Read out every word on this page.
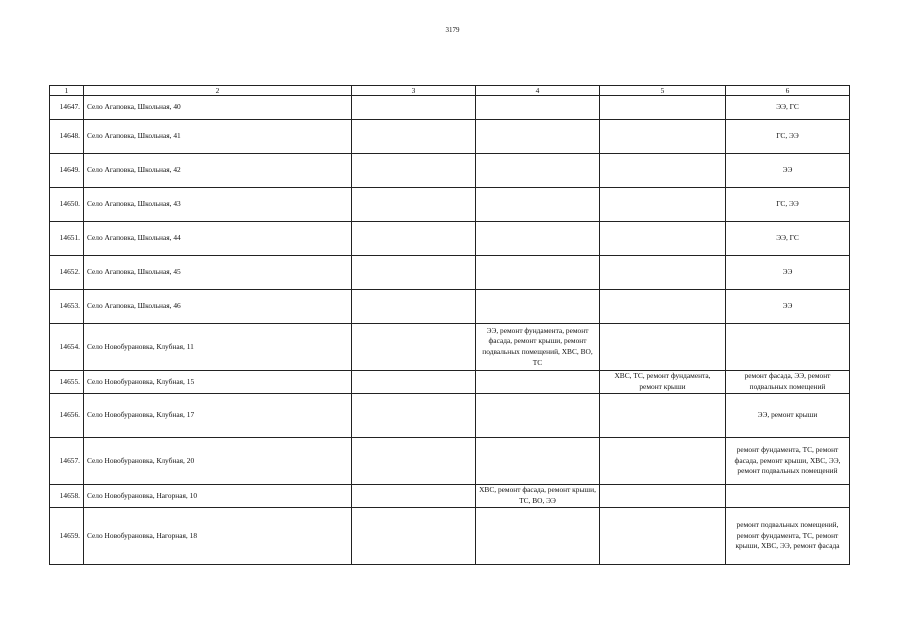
3179
1	2	3	4	5	6
14647.	Село Агаповка, Школьная, 40				ЭЭ, ГС
14648.	Село Агаповка, Школьная, 41				ГС, ЭЭ
14649.	Село Агаповка, Школьная, 42				ЭЭ
14650.	Село Агаповка, Школьная, 43				ГС, ЭЭ
14651.	Село Агаповка, Школьная, 44				ЭЭ, ГС
14652.	Село Агаповка, Школьная, 45				ЭЭ
14653.	Село Агаповка, Школьная, 46				ЭЭ
14654.	Село Новобурановка, Клубная, 11		ЭЭ, ремонт фундамента, ремонт фасада, ремонт крыши, ремонт подвальных помещений, ХВС, ВО, ТС		
14655.	Село Новобурановка, Клубная, 15			ХВС, ТС, ремонт фундамента, ремонт крыши	ремонт фасада, ЭЭ, ремонт подвальных помещений
14656.	Село Новобурановка, Клубная, 17				ЭЭ, ремонт крыши
14657.	Село Новобурановка, Клубная, 20				ремонт фундамента, ТС, ремонт фасада, ремонт крыши, ХВС, ЭЭ, ремонт подвальных помещений
14658.	Село Новобурановка, Нагорная, 10		ХВС, ремонт фасада, ремонт крыши, ТС, ВО, ЭЭ		
14659.	Село Новобурановка, Нагорная, 18				ремонт подвальных помещений, ремонт фундамента, ТС, ремонт крыши, ХВС, ЭЭ, ремонт фасада
